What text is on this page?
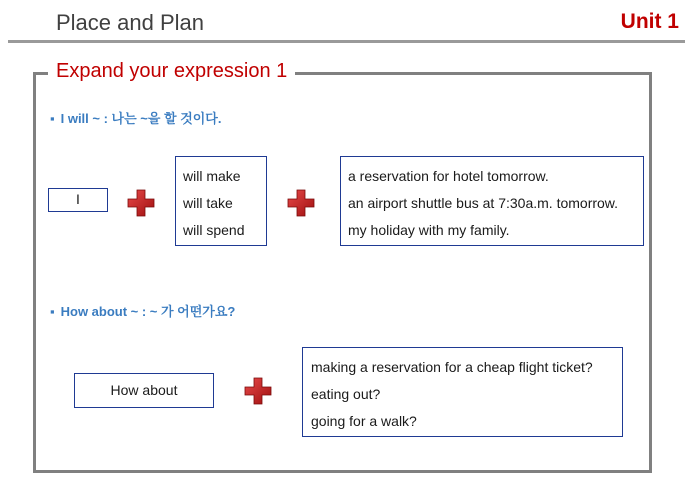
Place and Plan	Unit 1
Expand your expression 1
▪ I will ~ : 나는 ~을 할 것이다.
I
will make
will take
will spend
a reservation for hotel tomorrow.
an airport shuttle bus at 7:30a.m. tomorrow.
my holiday with my family.
▪ How about ~ : ~ 가 어떤가요?
How about
making a reservation for a cheap flight ticket?
eating out?
going for a walk?
